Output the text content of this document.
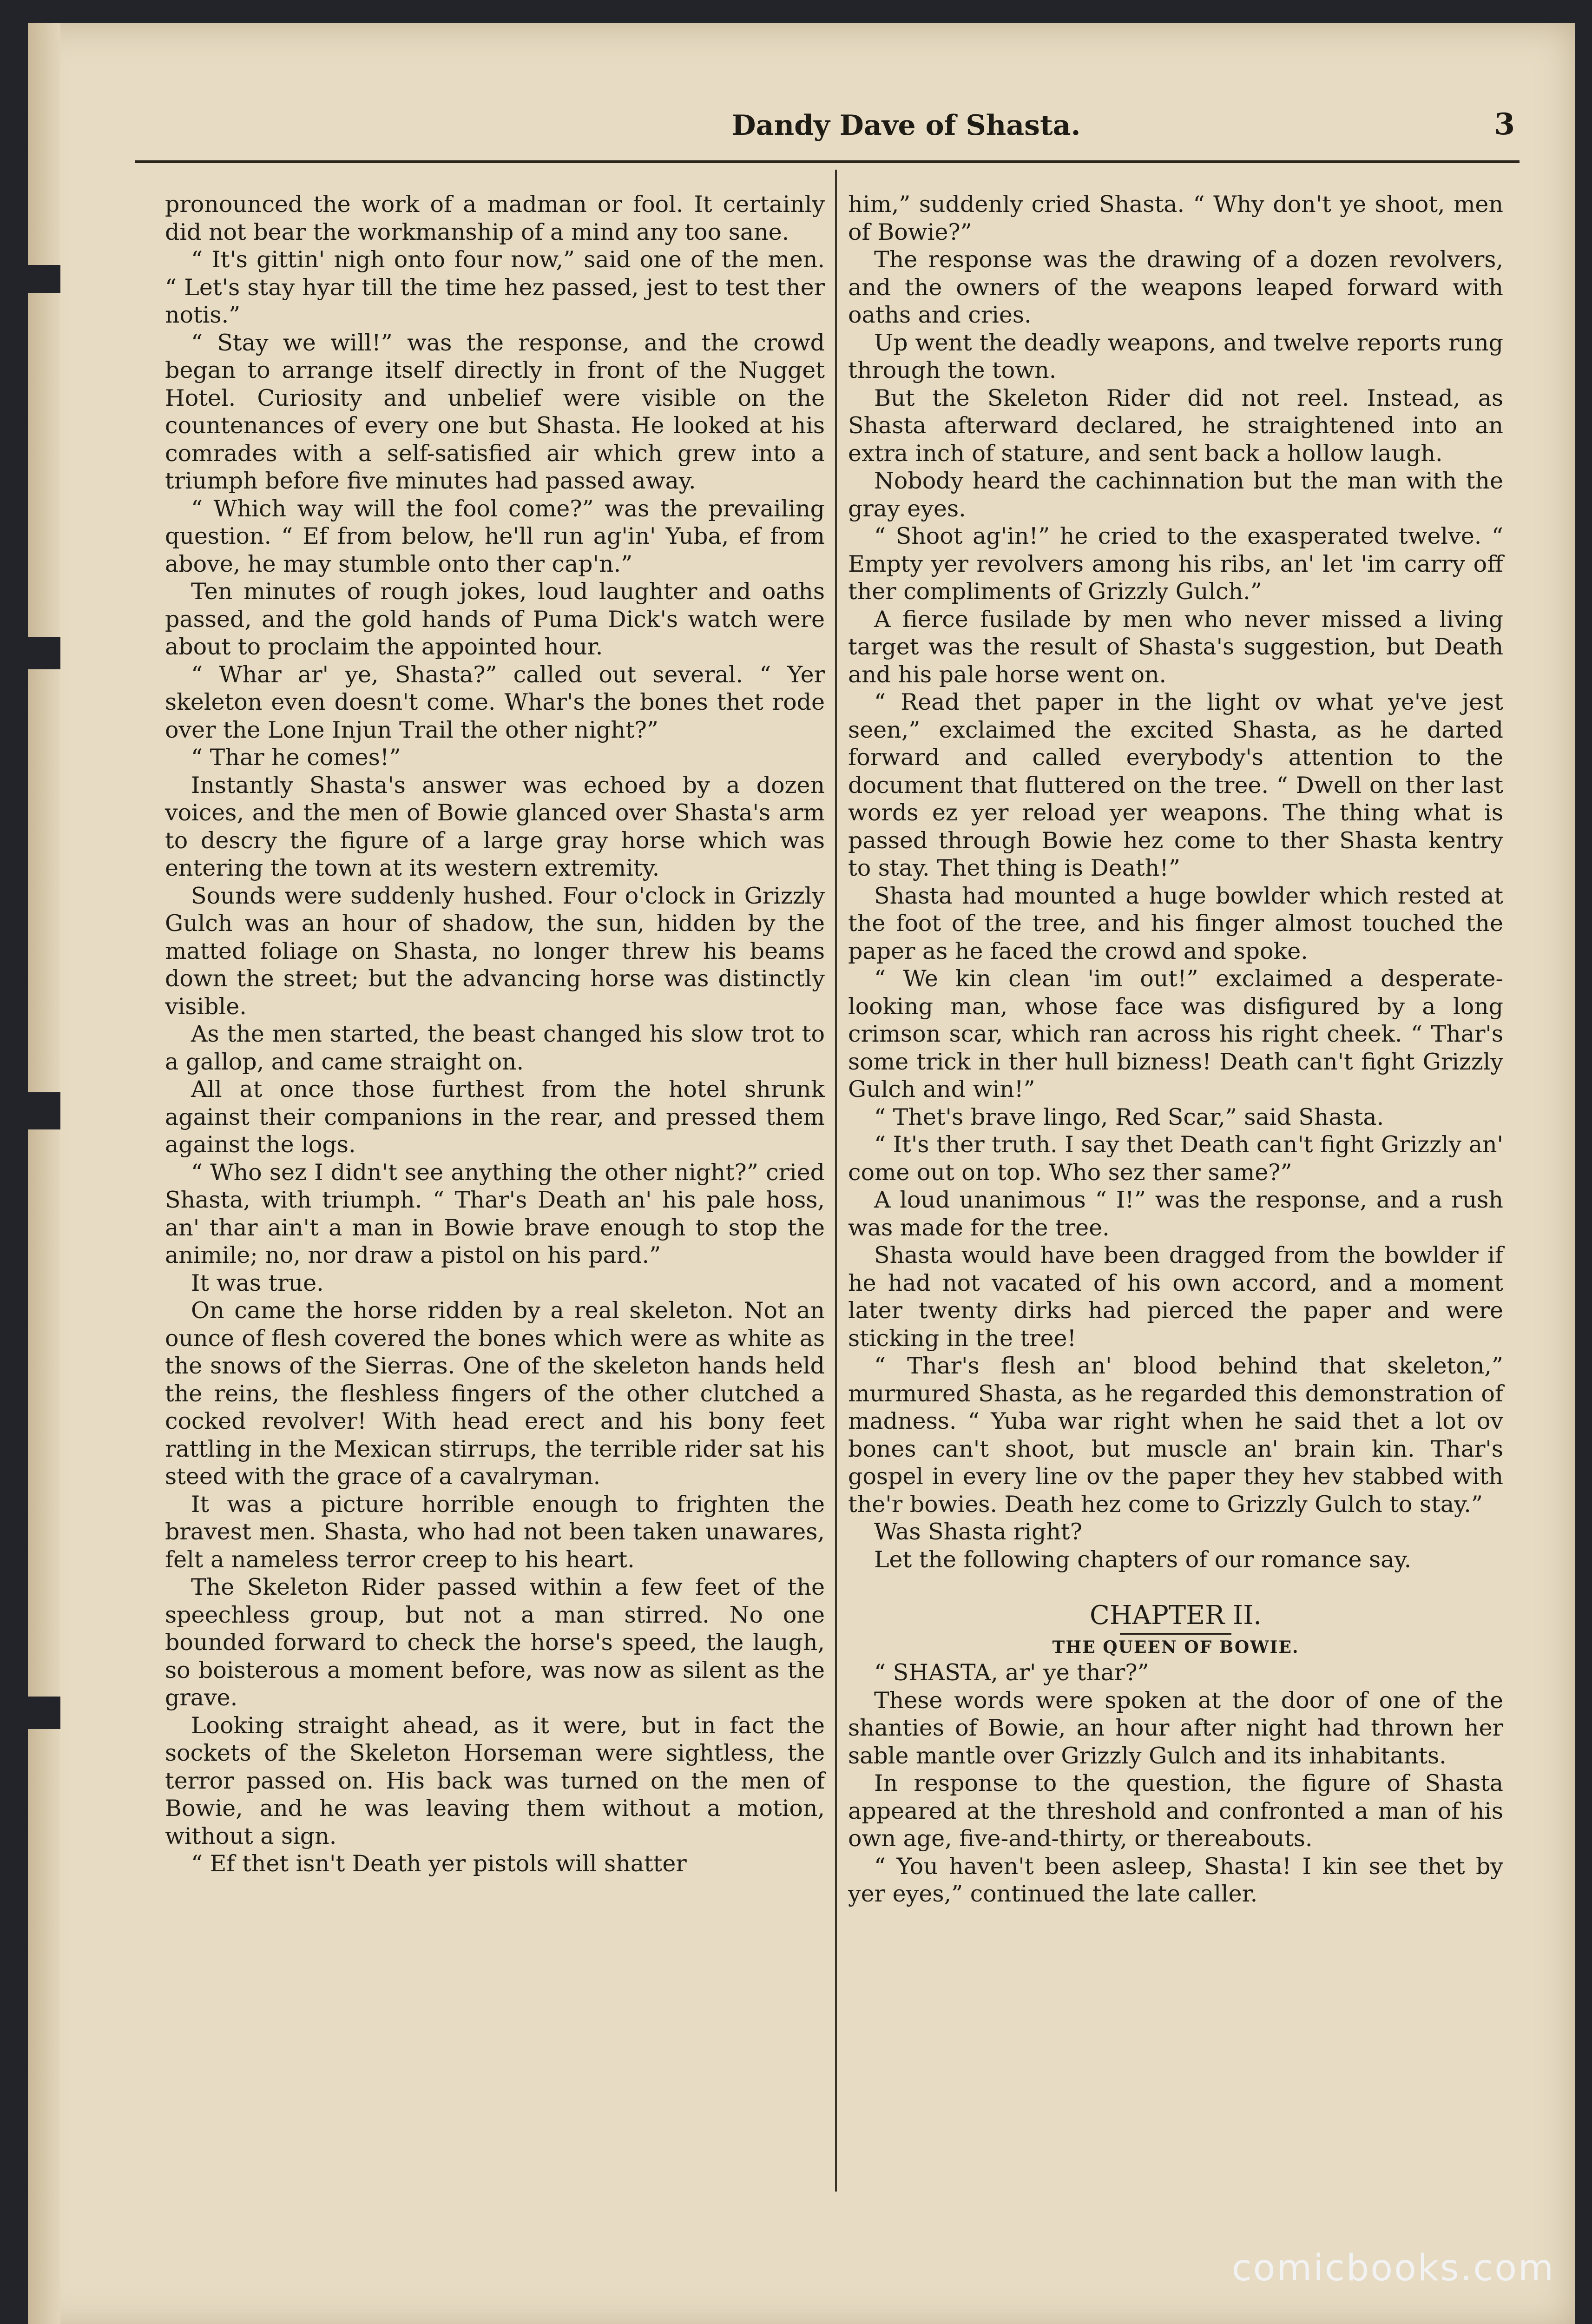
Dandy Dave of Shasta.	3

pronounced the work of a madman or fool. It certainly did not bear the workmanship of a mind any too sane.

“ It's gittin' nigh onto four now,” said one of the men. “ Let's stay hyar till the time hez passed, jest to test ther notis.”

“ Stay we will!” was the response, and the crowd began to arrange itself directly in front of the Nugget Hotel. Curiosity and unbelief were visible on the countenances of every one but Shasta. He looked at his comrades with a self-satisfied air which grew into a triumph before five minutes had passed away.

“ Which way will the fool come?” was the prevailing question. “ Ef from below, he'll run ag'in' Yuba, ef from above, he may stumble onto ther cap'n.”

Ten minutes of rough jokes, loud laughter and oaths passed, and the gold hands of Puma Dick's watch were about to proclaim the appointed hour.

“ Whar ar' ye, Shasta?” called out several. “ Yer skeleton even doesn't come. Whar's the bones thet rode over the Lone Injun Trail the other night?”

“ Thar he comes!”

Instantly Shasta's answer was echoed by a dozen voices, and the men of Bowie glanced over Shasta's arm to descry the figure of a large gray horse which was entering the town at its western extremity.

Sounds were suddenly hushed. Four o'clock in Grizzly Gulch was an hour of shadow, the sun, hidden by the matted foliage on Shasta, no longer threw his beams down the street; but the advancing horse was distinctly visible.

As the men started, the beast changed his slow trot to a gallop, and came straight on.

All at once those furthest from the hotel shrunk against their companions in the rear, and pressed them against the logs.

“ Who sez I didn't see anything the other night?” cried Shasta, with triumph. “ Thar's Death an' his pale hoss, an' thar ain't a man in Bowie brave enough to stop the animile; no, nor draw a pistol on his pard.”

It was true.

On came the horse ridden by a real skeleton. Not an ounce of flesh covered the bones which were as white as the snows of the Sierras. One of the skeleton hands held the reins, the fleshless fingers of the other clutched a cocked revolver! With head erect and his bony feet rattling in the Mexican stirrups, the terrible rider sat his steed with the grace of a cavalryman.

It was a picture horrible enough to frighten the bravest men. Shasta, who had not been taken unawares, felt a nameless terror creep to his heart.

The Skeleton Rider passed within a few feet of the speechless group, but not a man stirred. No one bounded forward to check the horse's speed, the laugh, so boisterous a moment before, was now as silent as the grave.

Looking straight ahead, as it were, but in fact the sockets of the Skeleton Horseman were sightless, the terror passed on. His back was turned on the men of Bowie, and he was leaving them without a motion, without a sign.

“ Ef thet isn't Death yer pistols will shatter

him,” suddenly cried Shasta. “ Why don't ye shoot, men of Bowie?”

The response was the drawing of a dozen revolvers, and the owners of the weapons leaped forward with oaths and cries.

Up went the deadly weapons, and twelve reports rung through the town.

But the Skeleton Rider did not reel. Instead, as Shasta afterward declared, he straightened into an extra inch of stature, and sent back a hollow laugh.

Nobody heard the cachinnation but the man with the gray eyes.

“ Shoot ag'in!” he cried to the exasperated twelve. “ Empty yer revolvers among his ribs, an' let 'im carry off ther compliments of Grizzly Gulch.”

A fierce fusilade by men who never missed a living target was the result of Shasta's suggestion, but Death and his pale horse went on.

“ Read thet paper in the light ov what ye've jest seen,” exclaimed the excited Shasta, as he darted forward and called everybody's attention to the document that fluttered on the tree. “ Dwell on ther last words ez yer reload yer weapons. The thing what is passed through Bowie hez come to ther Shasta kentry to stay. Thet thing is Death!”

Shasta had mounted a huge bowlder which rested at the foot of the tree, and his finger almost touched the paper as he faced the crowd and spoke.

“ We kin clean 'im out!” exclaimed a desperate-looking man, whose face was disfigured by a long crimson scar, which ran across his right cheek. “ Thar's some trick in ther hull bizness! Death can't fight Grizzly Gulch and win!”

“ Thet's brave lingo, Red Scar,” said Shasta.

“ It's ther truth. I say thet Death can't fight Grizzly an' come out on top. Who sez ther same?”

A loud unanimous “ I!” was the response, and a rush was made for the tree.

Shasta would have been dragged from the bowlder if he had not vacated of his own accord, and a moment later twenty dirks had pierced the paper and were sticking in the tree!

“ Thar's flesh an' blood behind that skeleton,” murmured Shasta, as he regarded this demonstration of madness. “ Yuba war right when he said thet a lot ov bones can't shoot, but muscle an' brain kin. Thar's gospel in every line ov the paper they hev stabbed with the'r bowies. Death hez come to Grizzly Gulch to stay.”

Was Shasta right?

Let the following chapters of our romance say.

CHAPTER II.
THE QUEEN OF BOWIE.

“ SHASTA, ar' ye thar?”

These words were spoken at the door of one of the shanties of Bowie, an hour after night had thrown her sable mantle over Grizzly Gulch and its inhabitants.

In response to the question, the figure of Shasta appeared at the threshold and confronted a man of his own age, five-and-thirty, or thereabouts.

“ You haven't been asleep, Shasta! I kin see thet by yer eyes,” continued the late caller.

comicbooks.com
